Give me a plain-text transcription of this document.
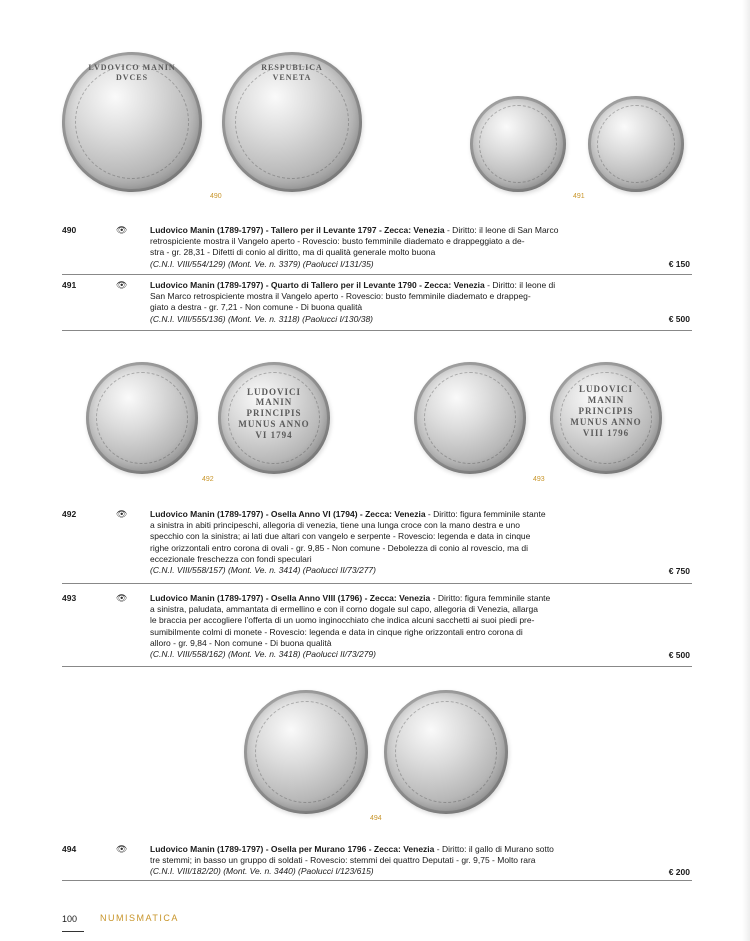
LVDOVICO MANIN DVCES
RESPUBLICA VENETA
490	491
LUDOVICI MANIN PRINCIPIS MUNUS ANNO VI 1794
492
LUDOVICI MANIN PRINCIPIS MUNUS ANNO VIII 1796
493
494
490	👁	Ludovico Manin (1789-1797) - Tallero per il Levante 1797 - Zecca: Venezia - Diritto: il leone di San Marco
retrospiciente mostra il Vangelo aperto - Rovescio: busto femminile diademato e drappeggiato a de-
stra - gr. 28,31 - Difetti di conio al diritto, ma di qualità generale molto buona
(C.N.I. VIII/554/129) (Mont. Ve. n. 3379) (Paolucci I/131/35)	€ 150
491	👁	Ludovico Manin (1789-1797) - Quarto di Tallero per il Levante 1790 - Zecca: Venezia - Diritto: il leone di
San Marco retrospiciente mostra il Vangelo aperto - Rovescio: busto femminile diademato e drappeg-
giato a destra - gr. 7,21 - Non comune - Di buona qualità
(C.N.I. VIII/555/136) (Mont. Ve. n. 3118) (Paolucci I/130/38)	€ 500
492	👁	Ludovico Manin (1789-1797) - Osella Anno VI (1794) - Zecca: Venezia - Diritto: figura femminile stante
a sinistra in abiti principeschi, allegoria di venezia, tiene una lunga croce con la mano destra e uno
specchio con la sinistra; ai lati due altari con vangelo e serpente - Rovescio: legenda e data in cinque
righe orizzontali entro corona di ovali - gr. 9,85 - Non comune - Debolezza di conio al rovescio, ma di
eccezionale freschezza con fondi speculari
(C.N.I. VIII/558/157) (Mont. Ve. n. 3414) (Paolucci II/73/277)	€ 750
493	👁	Ludovico Manin (1789-1797) - Osella Anno VIII (1796) - Zecca: Venezia - Diritto: figura femminile stante
a sinistra, paludata, ammantata di ermellino e con il corno dogale sul capo, allegoria di Venezia, allarga
le braccia per accogliere l’offerta di un uomo inginocchiato che indica alcuni sacchetti ai suoi piedi pre-
sumibilmente colmi di monete - Rovescio: legenda e data in cinque righe orizzontali entro corona di
alloro - gr. 9,84 - Non comune - Di buona qualità
(C.N.I. VIII/558/162) (Mont. Ve. n. 3418) (Paolucci II/73/279)	€ 500
494	👁	Ludovico Manin (1789-1797) - Osella per Murano 1796 - Zecca: Venezia - Diritto: il gallo di Murano sotto
tre stemmi; in basso un gruppo di soldati - Rovescio: stemmi dei quattro Deputati - gr. 9,75 - Molto rara
(C.N.I. VIII/182/20) (Mont. Ve. n. 3440) (Paolucci I/123/615)	€ 200
100	NUMISMATICA
